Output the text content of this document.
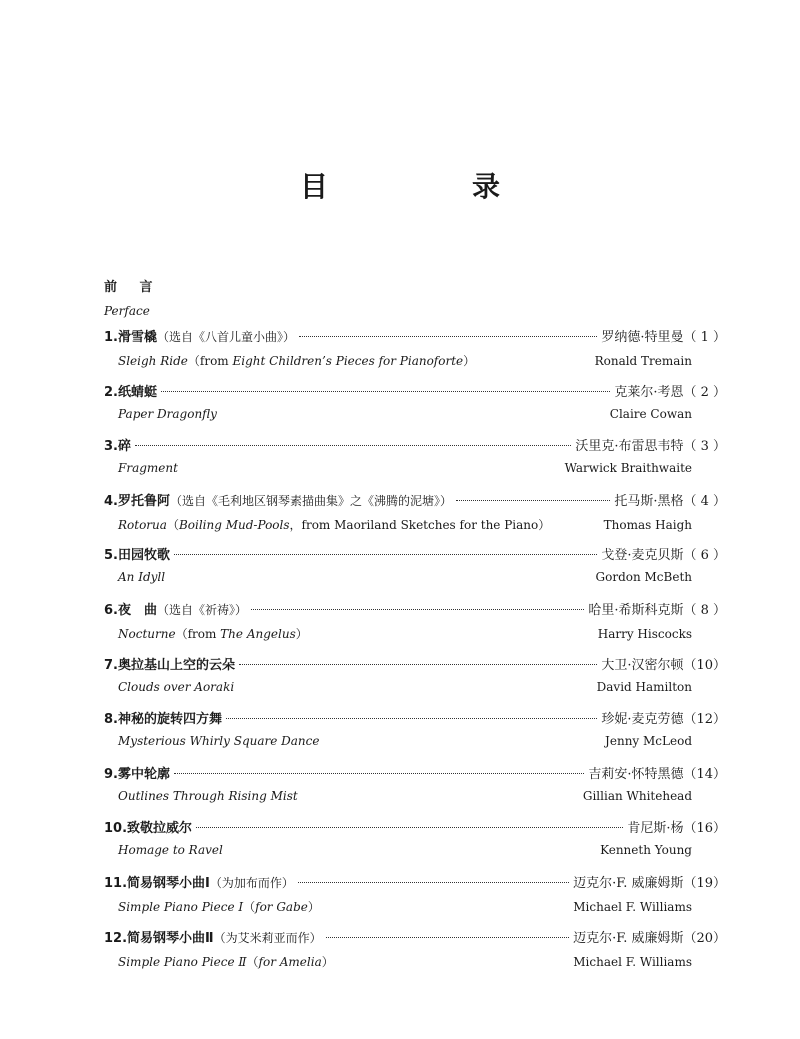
目　录
前 言
Perface
1. 滑雪橇 （选自《八首儿童小曲》）	罗纳德·特里曼（ 1 ）
Sleigh Ride（from Eight Children’s Pieces for Pianoforte）	Ronald Tremain
2. 纸蜻蜓	克莱尔·考恩（ 2 ）
Paper Dragonfly	Claire Cowan
3. 碎	沃里克·布雷思韦特（ 3 ）
Fragment	Warwick Braithwaite
4. 罗托鲁阿 （选自《毛利地区钢琴素描曲集》之《沸腾的泥塘》）	托马斯·黑格（ 4 ）
Rotorua（Boiling Mud-Pools，from Maoriland Sketches for the Piano）	Thomas Haigh
5. 田园牧歌	戈登·麦克贝斯（ 6 ）
An Idyll	Gordon McBeth
6. 夜　曲 （选自《祈祷》）	哈里·希斯科克斯（ 8 ）
Nocturne（from The Angelus）	Harry Hiscocks
7. 奥拉基山上空的云朵	大卫·汉密尔顿（10）
Clouds over Aoraki	David Hamilton
8. 神秘的旋转四方舞	珍妮·麦克劳德（12）
Mysterious Whirly Square Dance	Jenny McLeod
9. 雾中轮廓	吉莉安·怀特黑德（14）
Outlines Through Rising Mist	Gillian Whitehead
10. 致敬拉威尔	肯尼斯·杨（16）
Homage to Ravel	Kenneth Young
11. 简易钢琴小曲Ⅰ （为加布而作）	迈克尔·F. 威廉姆斯（19）
Simple Piano Piece Ⅰ（for Gabe）	Michael F. Williams
12. 简易钢琴小曲Ⅱ （为艾米莉亚而作）	迈克尔·F. 威廉姆斯（20）
Simple Piano Piece Ⅱ（for Amelia）	Michael F. Williams
